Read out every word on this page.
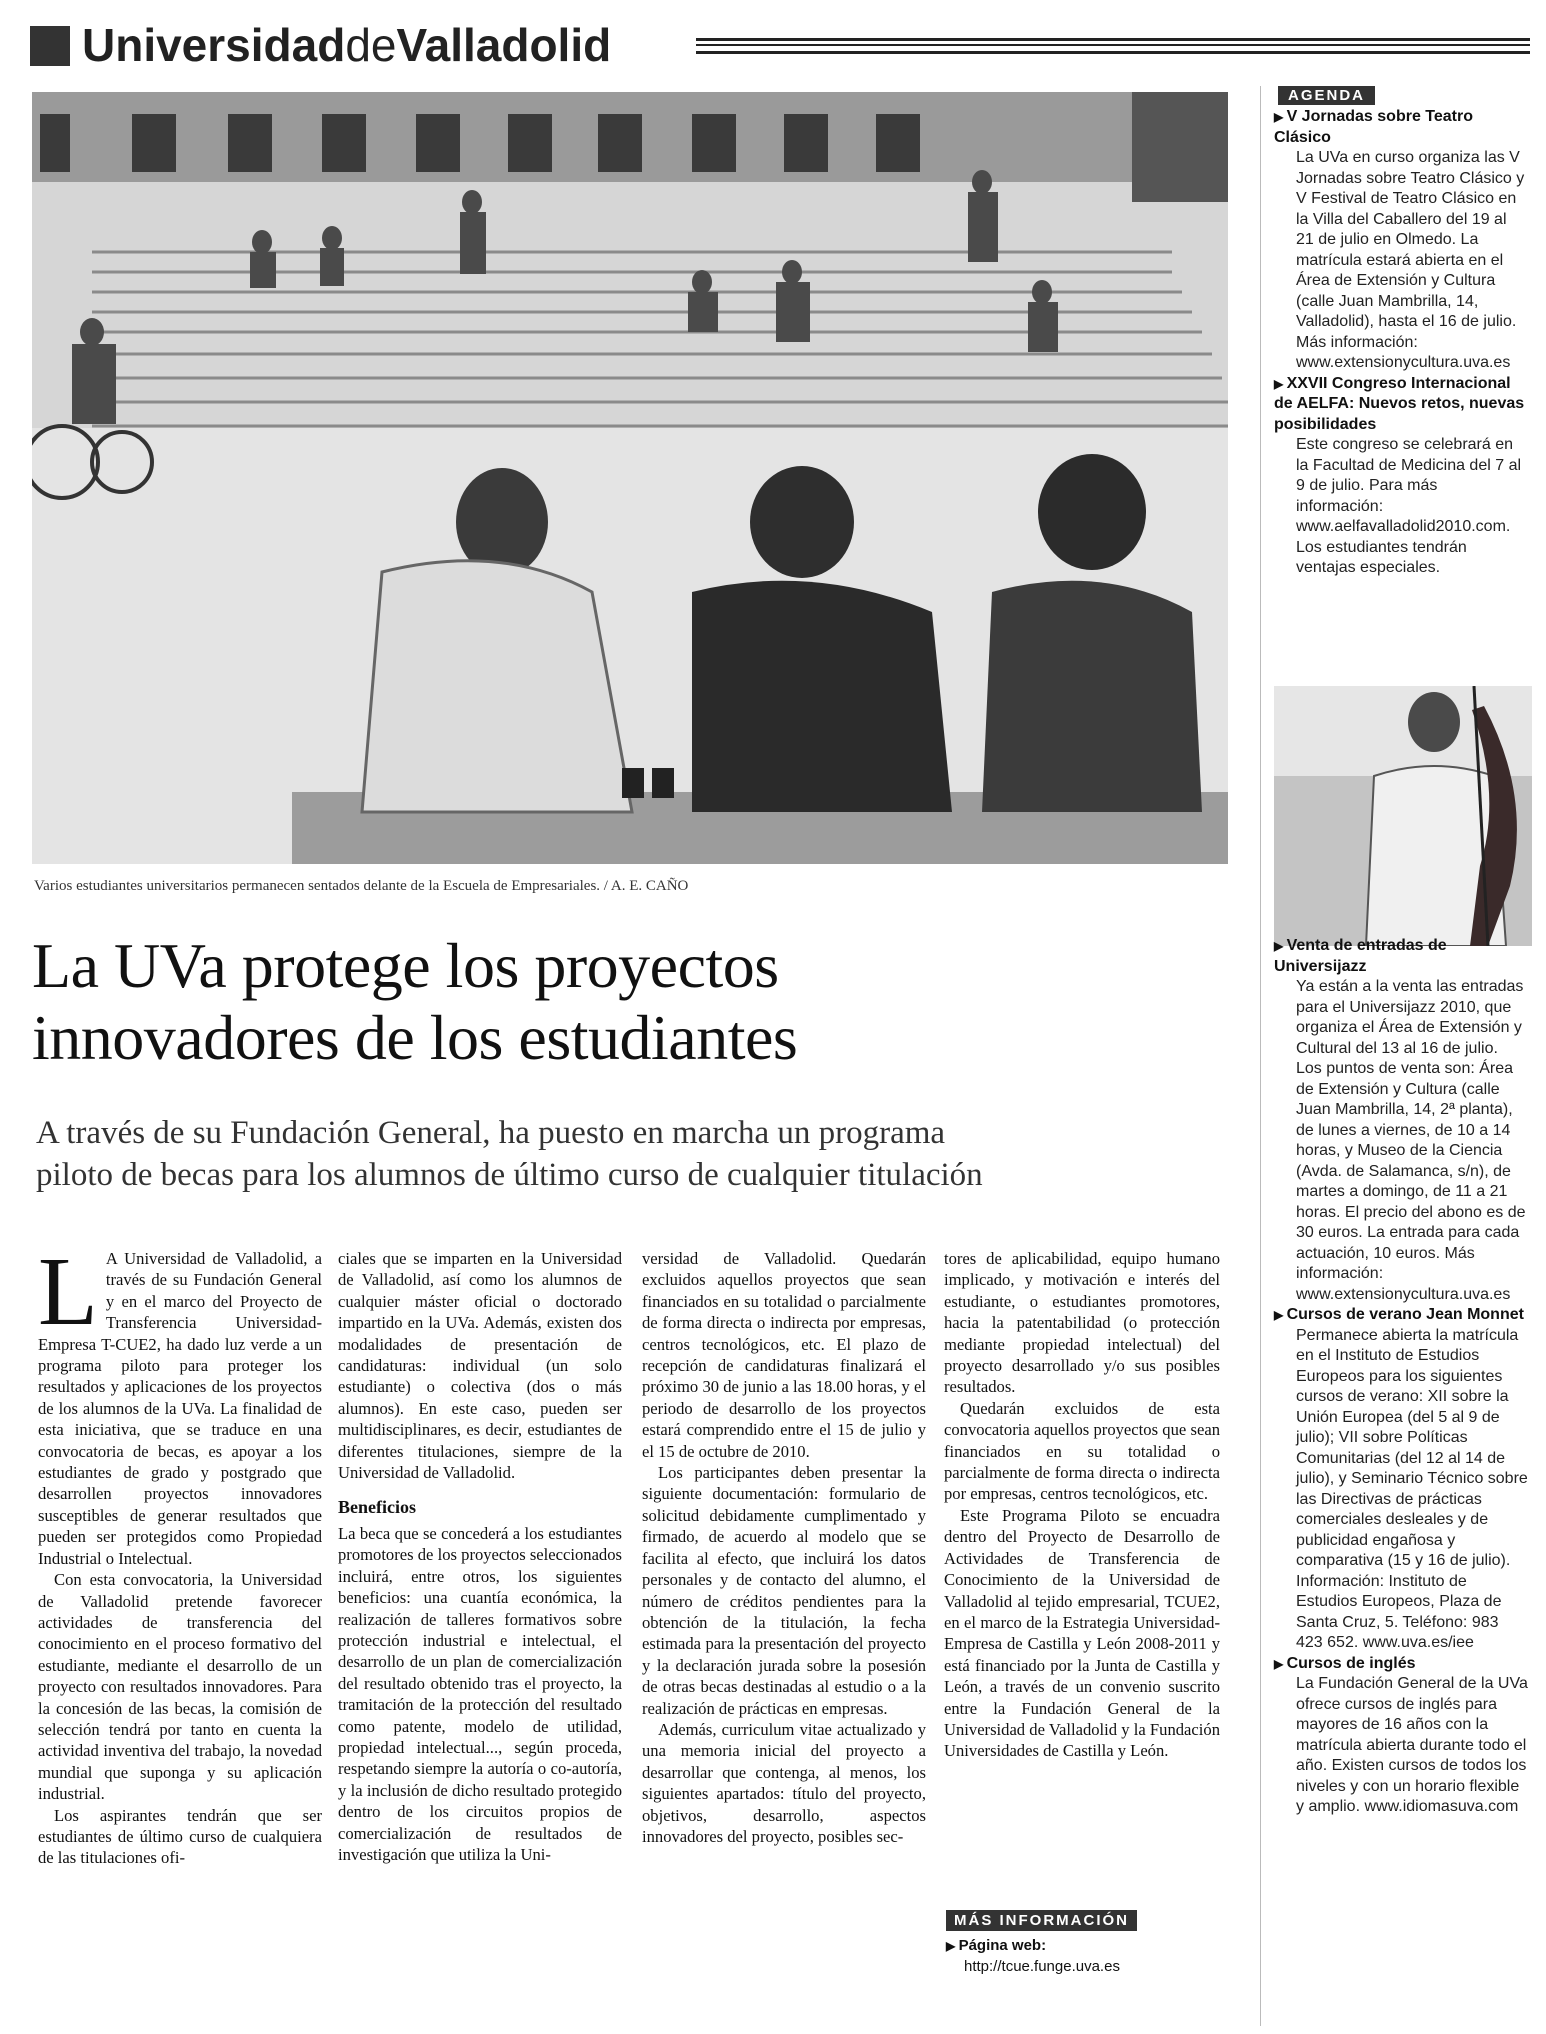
UniversidaddeValladolid
Varios estudiantes universitarios permanecen sentados delante de la Escuela de Empresariales. / A. E. CAÑO
La UVa protege los proyectos
innovadores de los estudiantes
A través de su Fundación General, ha puesto en marcha un programa
piloto de becas para los alumnos de último curso de cualquier titulación
L A Universidad de Valladolid, a través de su Fundación General y en el marco del Proyecto de Transferencia Universidad-Empresa T-CUE2, ha dado luz verde a un programa piloto para proteger los resultados y aplicaciones de los proyectos de los alumnos de la UVa. La finalidad de esta iniciativa, que se traduce en una convocatoria de becas, es apoyar a los estudiantes de grado y postgrado que desarrollen proyectos innovadores susceptibles de generar resultados que pueden ser protegidos como Propiedad Industrial o Intelectual.

Con esta convocatoria, la Universidad de Valladolid pretende favorecer actividades de transferencia del conocimiento en el proceso formativo del estudiante, mediante el desarrollo de un proyecto con resultados innovadores. Para la concesión de las becas, la comisión de selección tendrá por tanto en cuenta la actividad inventiva del trabajo, la novedad mundial que suponga y su aplicación industrial.

Los aspirantes tendrán que ser estudiantes de último curso de cualquiera de las titulaciones ofi-

ciales que se imparten en la Universidad de Valladolid, así como los alumnos de cualquier máster oficial o doctorado impartido en la UVa. Además, existen dos modalidades de presentación de candidaturas: individual (un solo estudiante) o colectiva (dos o más alumnos). En este caso, pueden ser multidisciplinares, es decir, estudiantes de diferentes titulaciones, siempre de la Universidad de Valladolid.

Beneficios

La beca que se concederá a los estudiantes promotores de los proyectos seleccionados incluirá, entre otros, los siguientes beneficios: una cuantía económica, la realización de talleres formativos sobre protección industrial e intelectual, el desarrollo de un plan de comercialización del resultado obtenido tras el proyecto, la tramitación de la protección del resultado como patente, modelo de utilidad, propiedad intelectual..., según proceda, respetando siempre la autoría o co-autoría, y la inclusión de dicho resultado protegido dentro de los circuitos propios de comercialización de resultados de investigación que utiliza la Uni-

versidad de Valladolid. Quedarán excluidos aquellos proyectos que sean financiados en su totalidad o parcialmente de forma directa o indirecta por empresas, centros tecnológicos, etc. El plazo de recepción de candidaturas finalizará el próximo 30 de junio a las 18.00 horas, y el periodo de desarrollo de los proyectos estará comprendido entre el 15 de julio y el 15 de octubre de 2010.

Los participantes deben presentar la siguiente documentación: formulario de solicitud debidamente cumplimentado y firmado, de acuerdo al modelo que se facilita al efecto, que incluirá los datos personales y de contacto del alumno, el número de créditos pendientes para la obtención de la titulación, la fecha estimada para la presentación del proyecto y la declaración jurada sobre la posesión de otras becas destinadas al estudio o a la realización de prácticas en empresas.

Además, curriculum vitae actualizado y una memoria inicial del proyecto a desarrollar que contenga, al menos, los siguientes apartados: título del proyecto, objetivos, desarrollo, aspectos innovadores del proyecto, posibles sec-

tores de aplicabilidad, equipo humano implicado, y motivación e interés del estudiante, o estudiantes promotores, hacia la patentabilidad (o protección mediante propiedad intelectual) del proyecto desarrollado y/o sus posibles resultados.

Quedarán excluidos de esta convocatoria aquellos proyectos que sean financiados en su totalidad o parcialmente de forma directa o indirecta por empresas, centros tecnológicos, etc.

Este Programa Piloto se encuadra dentro del Proyecto de Desarrollo de Actividades de Transferencia de Conocimiento de la Universidad de Valladolid al tejido empresarial, TCUE2, en el marco de la Estrategia Universidad-Empresa de Castilla y León 2008-2011 y está financiado por la Junta de Castilla y León, a través de un convenio suscrito entre la Fundación General de la Universidad de Valladolid y la Fundación Universidades de Castilla y León.

MÁS INFORMACIÓN
▶ Página web:
http://tcue.funge.uva.es
AGENDA
▶ V Jornadas sobre Teatro Clásico
La UVa en curso organiza las V Jornadas sobre Teatro Clásico y V Festival de Teatro Clásico en la Villa del Caballero del 19 al 21 de julio en Olmedo. La matrícula estará abierta en el Área de Extensión y Cultura (calle Juan Mambrilla, 14, Valladolid), hasta el 16 de julio. Más información: www.extensionycultura.uva.es
▶ XXVII Congreso Internacional de AELFA: Nuevos retos, nuevas posibilidades
Este congreso se celebrará en la Facultad de Medicina del 7 al 9 de julio. Para más información: www.aelfavalladolid2010.com. Los estudiantes tendrán ventajas especiales.
▶ Venta de entradas de Universijazz
Ya están a la venta las entradas para el Universijazz 2010, que organiza el Área de Extensión y Cultural del 13 al 16 de julio. Los puntos de venta son: Área de Extensión y Cultura (calle Juan Mambrilla, 14, 2ª planta), de lunes a viernes, de 10 a 14 horas, y Museo de la Ciencia (Avda. de Salamanca, s/n), de martes a domingo, de 11 a 21 horas. El precio del abono es de 30 euros. La entrada para cada actuación, 10 euros. Más información: www.extensionycultura.uva.es
▶ Cursos de verano Jean Monnet
Permanece abierta la matrícula en el Instituto de Estudios Europeos para los siguientes cursos de verano: XII sobre la Unión Europea (del 5 al 9 de julio); VII sobre Políticas Comunitarias (del 12 al 14 de julio), y Seminario Técnico sobre las Directivas de prácticas comerciales desleales y de publicidad engañosa y comparativa (15 y 16 de julio). Información: Instituto de Estudios Europeos, Plaza de Santa Cruz, 5. Teléfono: 983 423 652. www.uva.es/iee
▶ Cursos de inglés
La Fundación General de la UVa ofrece cursos de inglés para mayores de 16 años con la matrícula abierta durante todo el año. Existen cursos de todos los niveles y con un horario flexible y amplio. www.idiomasuva.com
